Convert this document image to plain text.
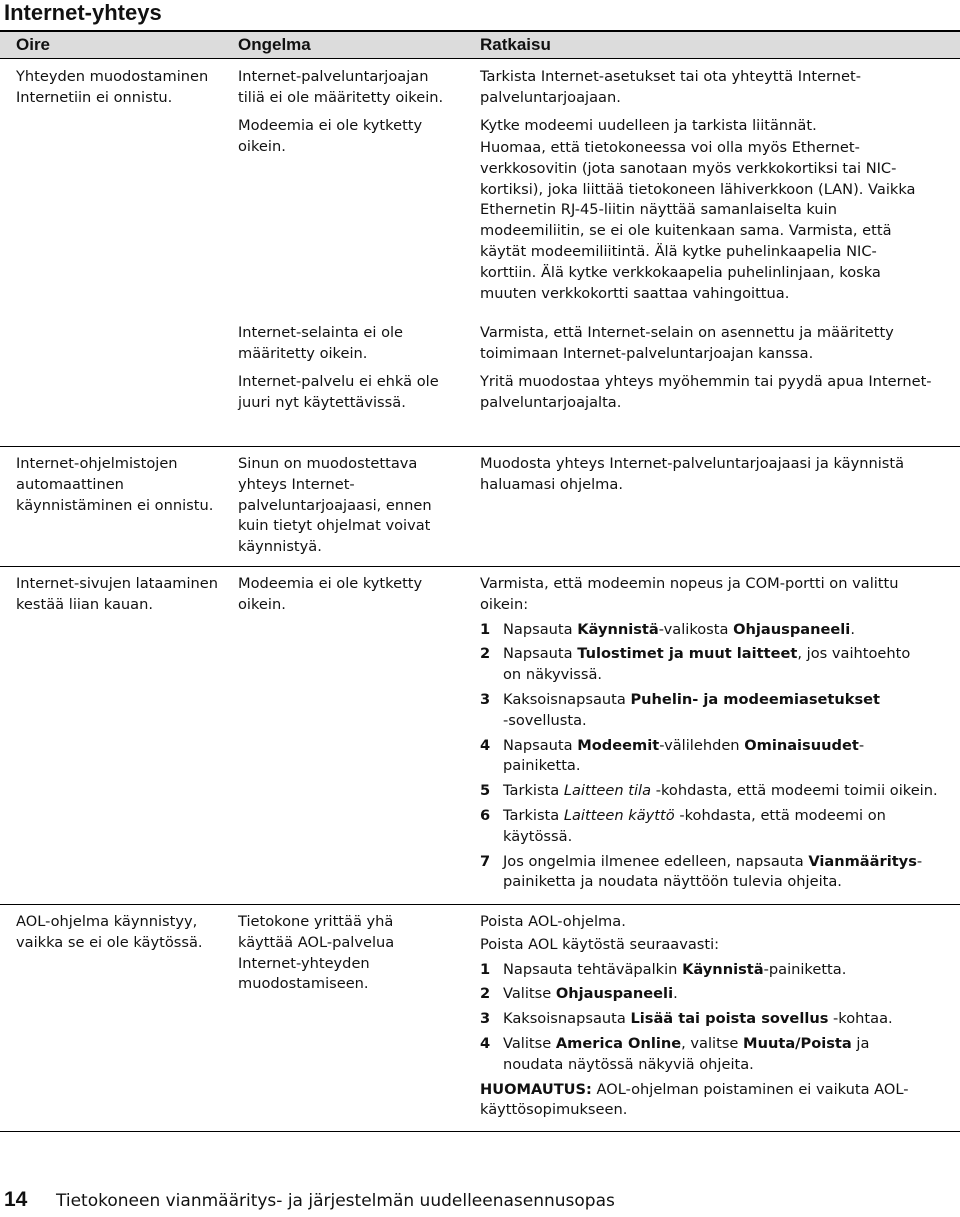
Internet-yhteys
Oire	Ongelma	Ratkaisu
Yhteyden muodostaminen
Internetiin ei onnistu.
Internet-palveluntarjoajan
tiliä ei ole määritetty oikein.
Modeemia ei ole kytketty
oikein.
Internet-selainta ei ole
määritetty oikein.
Internet-palvelu ei ehkä ole
juuri nyt käytettävissä.
Tarkista Internet-asetukset tai ota yhteyttä Internet-
palveluntarjoajaan.
Kytke modeemi uudelleen ja tarkista liitännät.
Huomaa, että tietokoneessa voi olla myös Ethernet-
verkkosovitin (jota sanotaan myös verkkokortiksi tai NIC-
kortiksi), joka liittää tietokoneen lähiverkkoon (LAN). Vaikka
Ethernetin RJ-45-liitin näyttää samanlaiselta kuin
modeemiliitin, se ei ole kuitenkaan sama. Varmista, että
käytät modeemiliitintä. Älä kytke puhelinkaapelia NIC-
korttiin. Älä kytke verkkokaapelia puhelinlinjaan, koska
muuten verkkokortti saattaa vahingoittua.
Varmista, että Internet-selain on asennettu ja määritetty
toimimaan Internet-palveluntarjoajan kanssa.
Yritä muodostaa yhteys myöhemmin tai pyydä apua Internet-
palveluntarjoajalta.
Internet-ohjelmistojen
automaattinen
käynnistäminen ei onnistu.
Sinun on muodostettava
yhteys Internet-
palveluntarjoajaasi, ennen
kuin tietyt ohjelmat voivat
käynnistyä.
Muodosta yhteys Internet-palveluntarjoajaasi ja käynnistä
haluamasi ohjelma.
Internet-sivujen lataaminen
kestää liian kauan.
Modeemia ei ole kytketty
oikein.
Varmista, että modeemin nopeus ja COM-portti on valittu
oikein:
1 Napsauta Käynnistä-valikosta Ohjauspaneeli.
2 Napsauta Tulostimet ja muut laitteet, jos vaihtoehto
on näkyvissä.
3 Kaksoisnapsauta Puhelin- ja modeemiasetukset
-sovellusta.
4 Napsauta Modeemit-välilehden Ominaisuudet-
painiketta.
5 Tarkista Laitteen tila -kohdasta, että modeemi toimii oikein.
6 Tarkista Laitteen käyttö -kohdasta, että modeemi on
käytössä.
7 Jos ongelmia ilmenee edelleen, napsauta Vianmääritys-
painiketta ja noudata näyttöön tulevia ohjeita.
AOL-ohjelma käynnistyy,
vaikka se ei ole käytössä.
Tietokone yrittää yhä
käyttää AOL-palvelua
Internet-yhteyden
muodostamiseen.
Poista AOL-ohjelma.
Poista AOL käytöstä seuraavasti:
1 Napsauta tehtäväpalkin Käynnistä-painiketta.
2 Valitse Ohjauspaneeli.
3 Kaksoisnapsauta Lisää tai poista sovellus -kohtaa.
4 Valitse America Online, valitse Muuta/Poista ja
noudata näytössä näkyviä ohjeita.
HUOMAUTUS: AOL-ohjelman poistaminen ei vaikuta AOL-
käyttösopimukseen.
14 Tietokoneen vianmääritys- ja järjestelmän uudelleenasennusopas
